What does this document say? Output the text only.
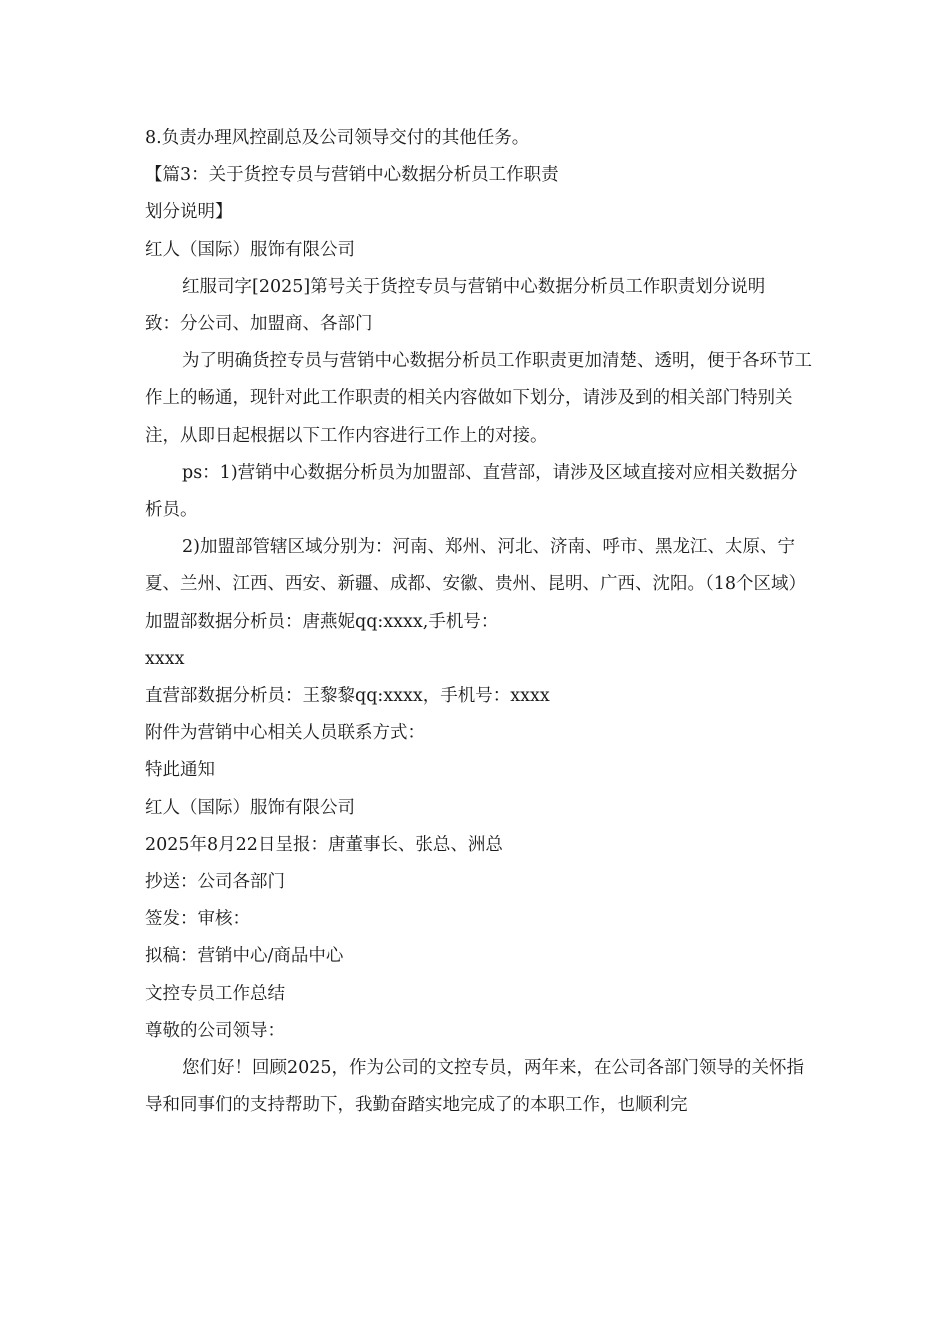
8.负责办理风控副总及公司领导交付的其他任务。

【篇3：关于货控专员与营销中心数据分析员工作职责

划分说明】

红人（国际）服饰有限公司

红服司字[2025]第号关于货控专员与营销中心数据分析员工作职责划分说明

致：分公司、加盟商、各部门

为了明确货控专员与营销中心数据分析员工作职责更加清楚、透明，便于各环节工作上的畅通，现针对此工作职责的相关内容做如下划分，请涉及到的相关部门特别关注，从即日起根据以下工作内容进行工作上的对接。

ps：1)营销中心数据分析员为加盟部、直营部，请涉及区域直接对应相关数据分析员。

2)加盟部管辖区域分别为：河南、郑州、河北、济南、呼市、黑龙江、太原、宁夏、兰州、江西、西安、新疆、成都、安徽、贵州、昆明、广西、沈阳。（18个区域）

加盟部数据分析员：唐燕妮qq:xxxx,手机号：

xxxx

直营部数据分析员：王黎黎qq:xxxx，手机号：xxxx

附件为营销中心相关人员联系方式：

特此通知

红人（国际）服饰有限公司

2025年8月22日呈报：唐董事长、张总、洲总

抄送：公司各部门

签发：审核：

拟稿：营销中心/商品中心

文控专员工作总结

尊敬的公司领导：

您们好！回顾2025，作为公司的文控专员，两年来，在公司各部门领导的关怀指导和同事们的支持帮助下，我勤奋踏实地完成了的本职工作，也顺利完
